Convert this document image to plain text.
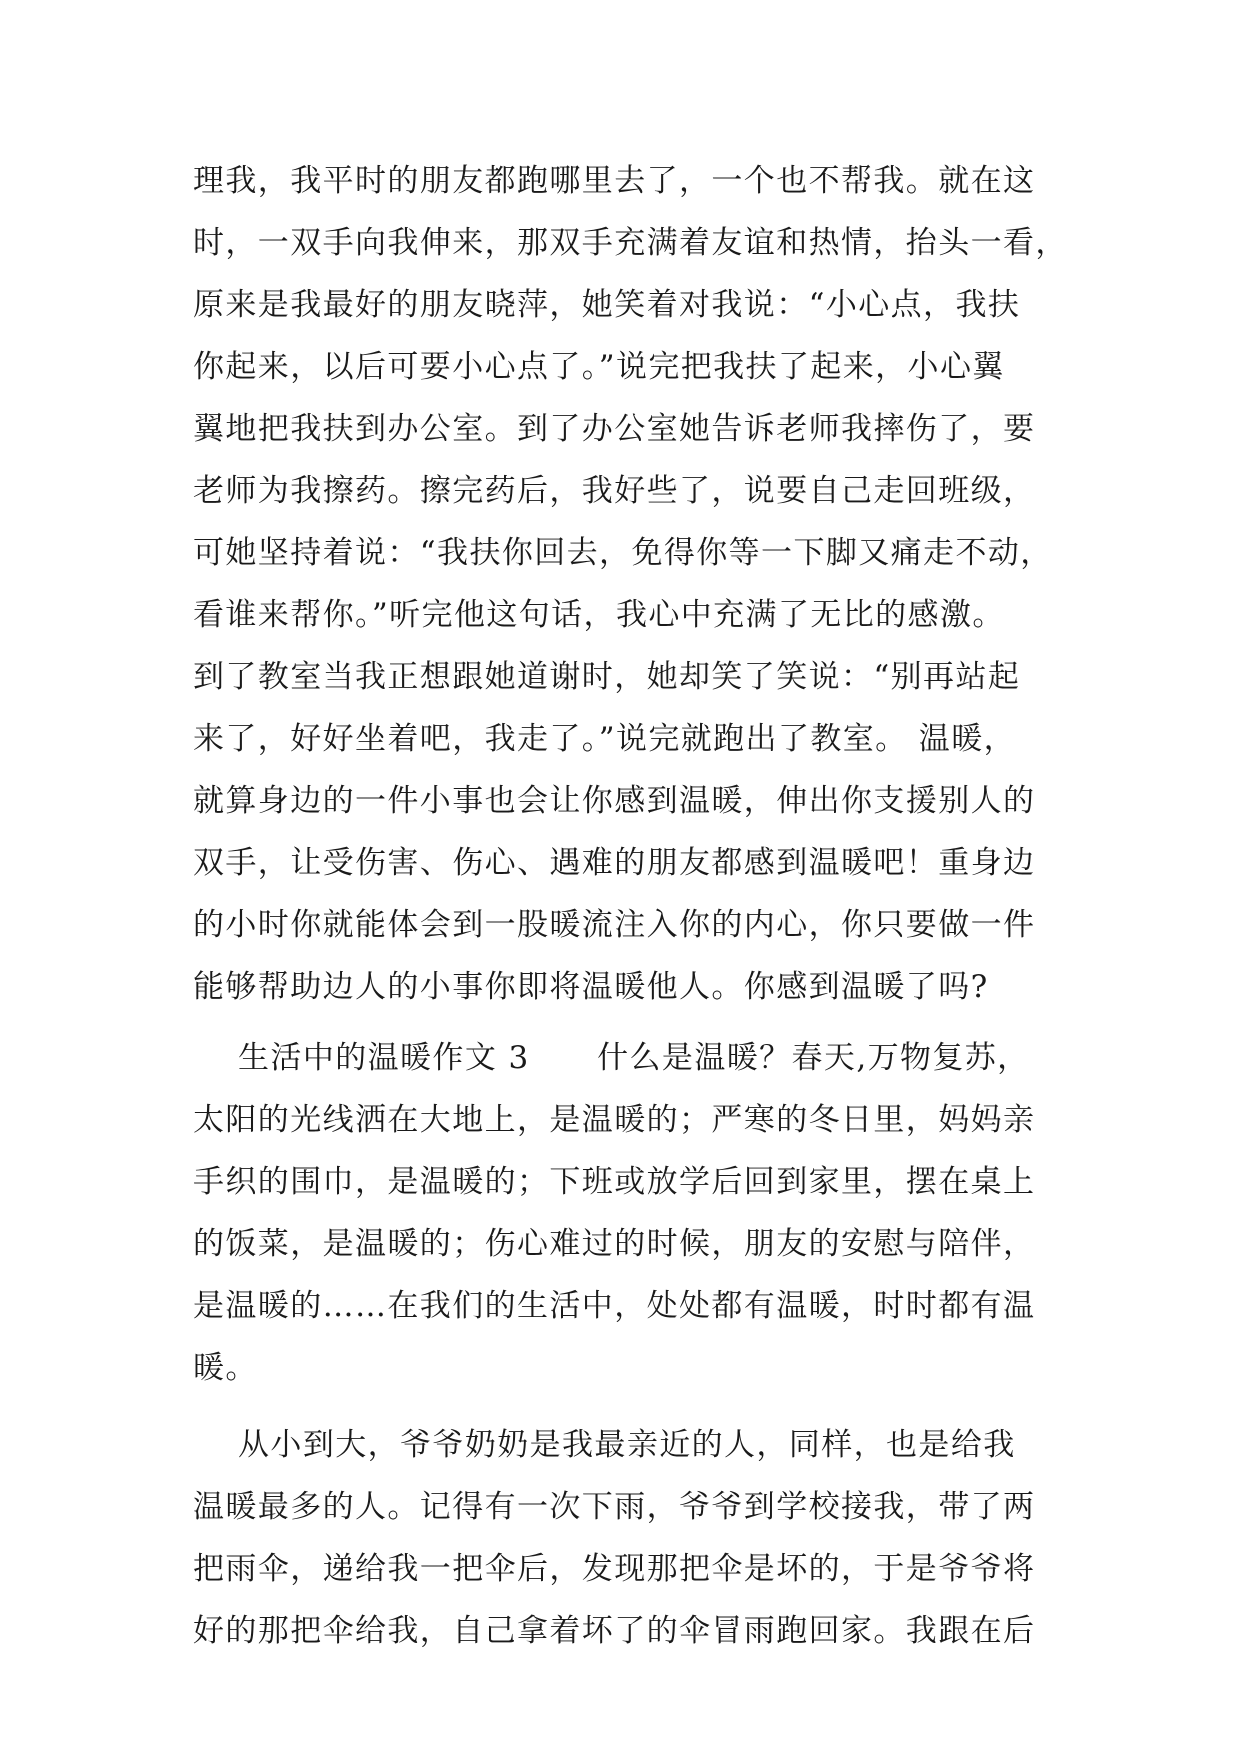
理我，我平时的朋友都跑哪里去了，一个也不帮我。就在这
时，一双手向我伸来，那双手充满着友谊和热情，抬头一看，
原来是我最好的朋友晓萍，她笑着对我说：“小心点，我扶
你起来，以后可要小心点了。”说完把我扶了起来，小心翼
翼地把我扶到办公室。到了办公室她告诉老师我摔伤了，要
老师为我擦药。擦完药后，我好些了，说要自己走回班级，
可她坚持着说：“我扶你回去，免得你等一下脚又痛走不动，
看谁来帮你。”听完他这句话，我心中充满了无比的感激。
到了教室当我正想跟她道谢时，她却笑了笑说：“别再站起
来了，好好坐着吧，我走了。”说完就跑出了教室。 温暖，
就算身边的一件小事也会让你感到温暖，伸出你支援别人的
双手，让受伤害、伤心、遇难的朋友都感到温暖吧！重身边
的小时你就能体会到一股暖流注入你的内心，你只要做一件
能够帮助边人的小事你即将温暖他人。你感到温暖了吗?
生活中的温暖作文 3      什么是温暖？春天,万物复苏，
太阳的光线洒在大地上，是温暖的；严寒的冬日里，妈妈亲
手织的围巾，是温暖的；下班或放学后回到家里，摆在桌上
的饭菜，是温暖的；伤心难过的时候，朋友的安慰与陪伴，
是温暖的……在我们的生活中，处处都有温暖，时时都有温
暖。
从小到大，爷爷奶奶是我最亲近的人，同样，也是给我
温暖最多的人。记得有一次下雨，爷爷到学校接我，带了两
把雨伞，递给我一把伞后，发现那把伞是坏的，于是爷爷将
好的那把伞给我，自己拿着坏了的伞冒雨跑回家。我跟在后
